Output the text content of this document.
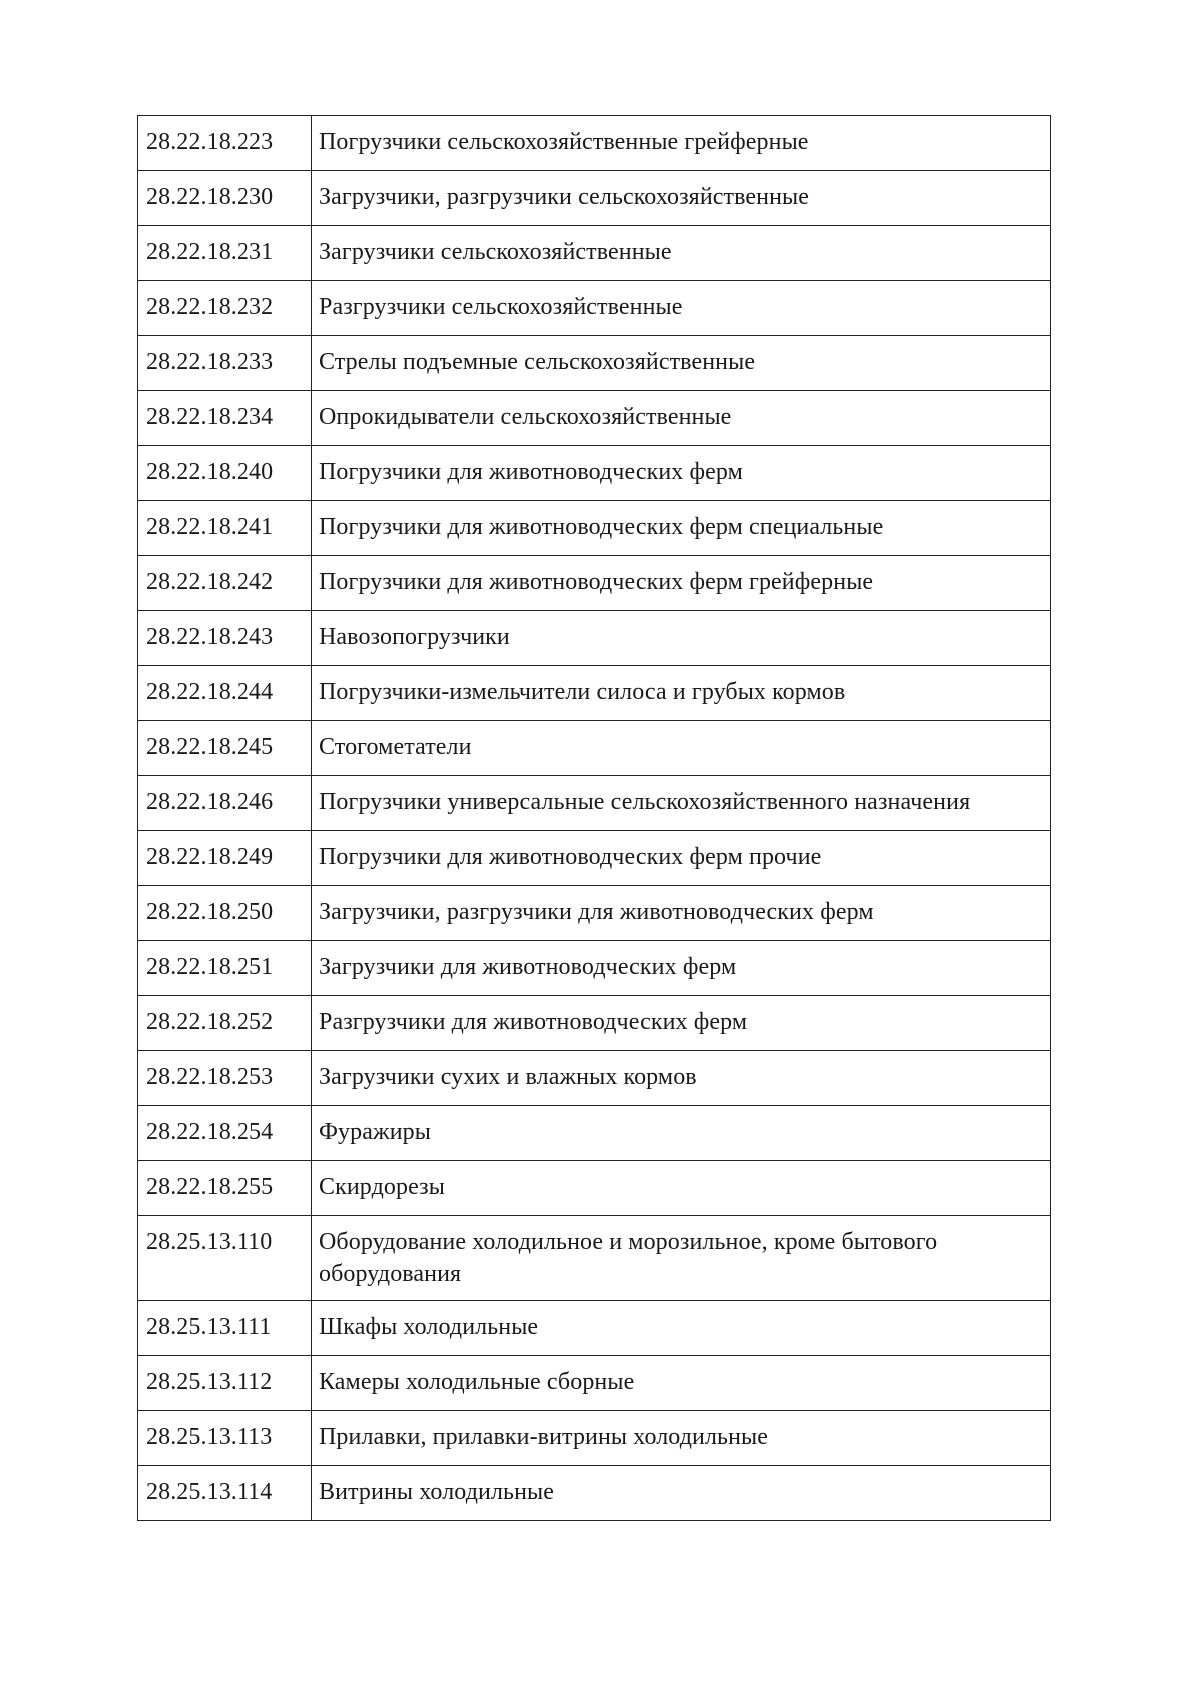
28.22.18.223	Погрузчики сельскохозяйственные грейферные
28.22.18.230	Загрузчики, разгрузчики сельскохозяйственные
28.22.18.231	Загрузчики сельскохозяйственные
28.22.18.232	Разгрузчики сельскохозяйственные
28.22.18.233	Стрелы подъемные сельскохозяйственные
28.22.18.234	Опрокидыватели сельскохозяйственные
28.22.18.240	Погрузчики для животноводческих ферм
28.22.18.241	Погрузчики для животноводческих ферм специальные
28.22.18.242	Погрузчики для животноводческих ферм грейферные
28.22.18.243	Навозопогрузчики
28.22.18.244	Погрузчики-измельчители силоса и грубых кормов
28.22.18.245	Стогометатели
28.22.18.246	Погрузчики универсальные сельскохозяйственного назначения
28.22.18.249	Погрузчики для животноводческих ферм прочие
28.22.18.250	Загрузчики, разгрузчики для животноводческих ферм
28.22.18.251	Загрузчики для животноводческих ферм
28.22.18.252	Разгрузчики для животноводческих ферм
28.22.18.253	Загрузчики сухих и влажных кормов
28.22.18.254	Фуражиры
28.22.18.255	Скирдорезы
28.25.13.110	Оборудование холодильное и морозильное, кроме бытового оборудования
28.25.13.111	Шкафы холодильные
28.25.13.112	Камеры холодильные сборные
28.25.13.113	Прилавки, прилавки-витрины холодильные
28.25.13.114	Витрины холодильные
